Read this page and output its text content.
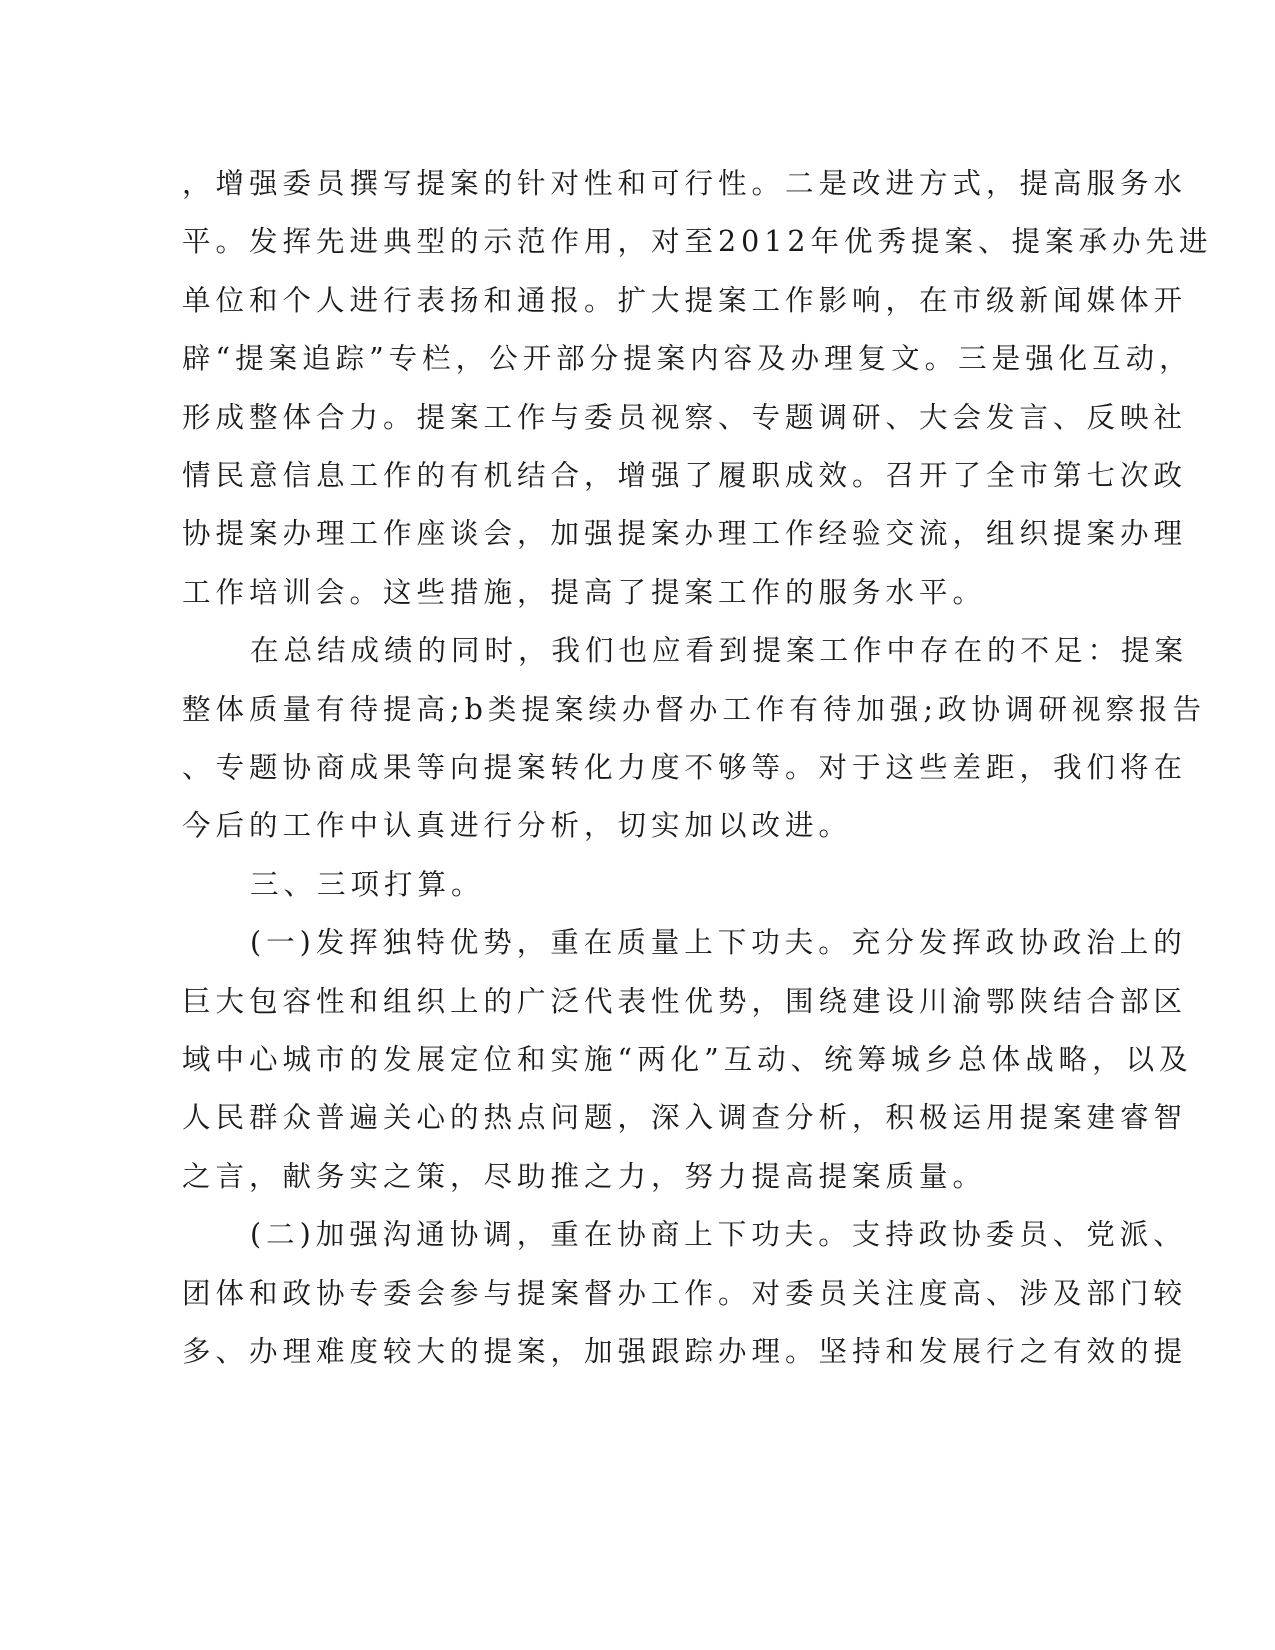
，增强委员撰写提案的针对性和可行性。二是改进方式，提高服务水
平。发挥先进典型的示范作用，对至2012年优秀提案、提案承办先进
单位和个人进行表扬和通报。扩大提案工作影响，在市级新闻媒体开
辟“提案追踪”专栏，公开部分提案内容及办理复文。三是强化互动，
形成整体合力。提案工作与委员视察、专题调研、大会发言、反映社
情民意信息工作的有机结合，增强了履职成效。召开了全市第七次政
协提案办理工作座谈会，加强提案办理工作经验交流，组织提案办理
工作培训会。这些措施，提高了提案工作的服务水平。
在总结成绩的同时，我们也应看到提案工作中存在的不足：提案
整体质量有待提高;b类提案续办督办工作有待加强;政协调研视察报告
、专题协商成果等向提案转化力度不够等。对于这些差距，我们将在
今后的工作中认真进行分析，切实加以改进。
三、三项打算。
(一)发挥独特优势，重在质量上下功夫。充分发挥政协政治上的
巨大包容性和组织上的广泛代表性优势，围绕建设川渝鄂陕结合部区
域中心城市的发展定位和实施“两化”互动、统筹城乡总体战略，以及
人民群众普遍关心的热点问题，深入调查分析，积极运用提案建睿智
之言，献务实之策，尽助推之力，努力提高提案质量。
(二)加强沟通协调，重在协商上下功夫。支持政协委员、党派、
团体和政协专委会参与提案督办工作。对委员关注度高、涉及部门较
多、办理难度较大的提案，加强跟踪办理。坚持和发展行之有效的提
